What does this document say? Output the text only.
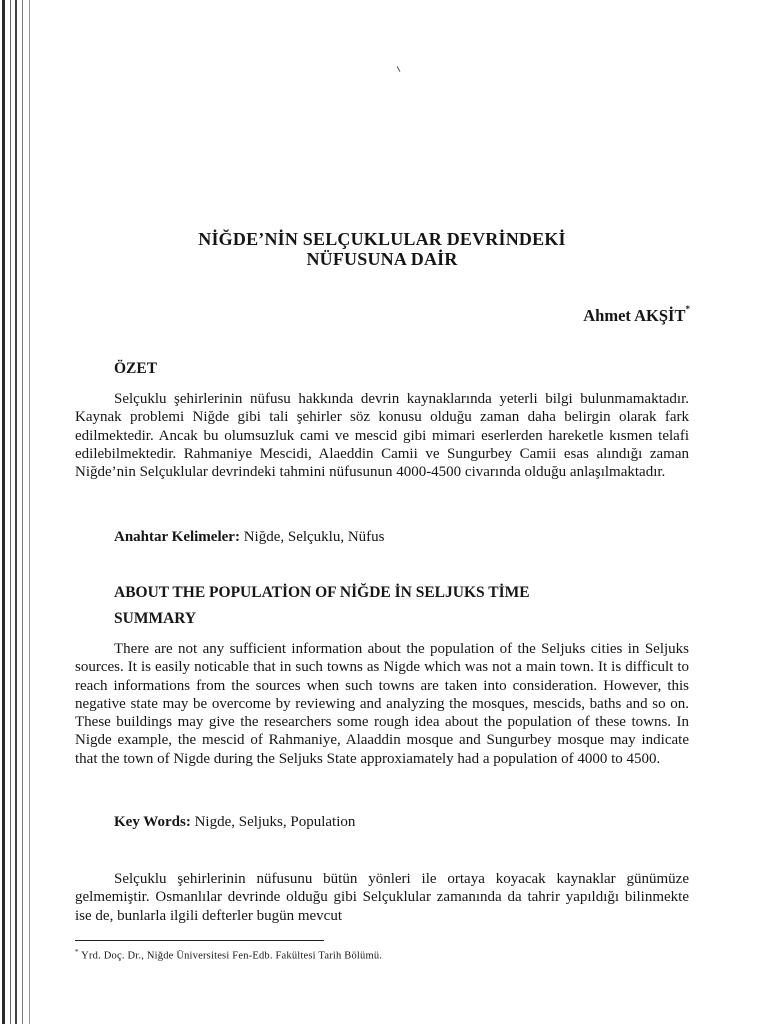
NİĞDE’NİN SELÇUKLULAR DEVRİNDEKİ
NÜFUSUNA DAİR
Ahmet AKŞİT*
ÖZET

Selçuklu şehirlerinin nüfusu hakkında devrin kaynaklarında yeterli bilgi bulunmamaktadır. Kaynak problemi Niğde gibi tali şehirler söz konusu olduğu zaman daha belirgin olarak fark edilmektedir. Ancak bu olumsuzluk cami ve mescid gibi mimari eserlerden hareketle kısmen telafi edilebilmektedir. Rahmaniye Mescidi, Alaeddin Camii ve Sungurbey Camii esas alındığı zaman Niğde’nin Selçuklular devrindeki tahmini nüfusunun 4000-4500 civarında olduğu anlaşılmaktadır.

Anahtar Kelimeler: Niğde, Selçuklu, Nüfus
ABOUT THE POPULATİON OF NİĞDE İN SELJUKS TİME
SUMMARY

There are not any sufficient information about the population of the Seljuks cities in Seljuks sources. It is easily noticable that in such towns as Nigde which was not a main town. It is difficult to reach informations from the sources when such towns are taken into consideration. However, this negative state may be overcome by reviewing and analyzing the mosques, mescids, baths and so on. These buildings may give the researchers some rough idea about the population of these towns. In Nigde example, the mescid of Rahmaniye, Alaaddin mosque and Sungurbey mosque may indicate that the town of Nigde during the Seljuks State approxiamately had a population of 4000 to 4500.

Key Words: Nigde, Seljuks, Population

Selçuklu şehirlerinin nüfusunu bütün yönleri ile ortaya koyacak kaynaklar günümüze gelmemiştir. Osmanlılar devrinde olduğu gibi Selçuklular zamanında da tahrir yapıldığı bilinmekte ise de, bunlarla ilgili defterler bugün mevcut

* Yrd. Doç. Dr., Niğde Üniversitesi Fen-Edb. Fakültesi Tarih Bölümü.
